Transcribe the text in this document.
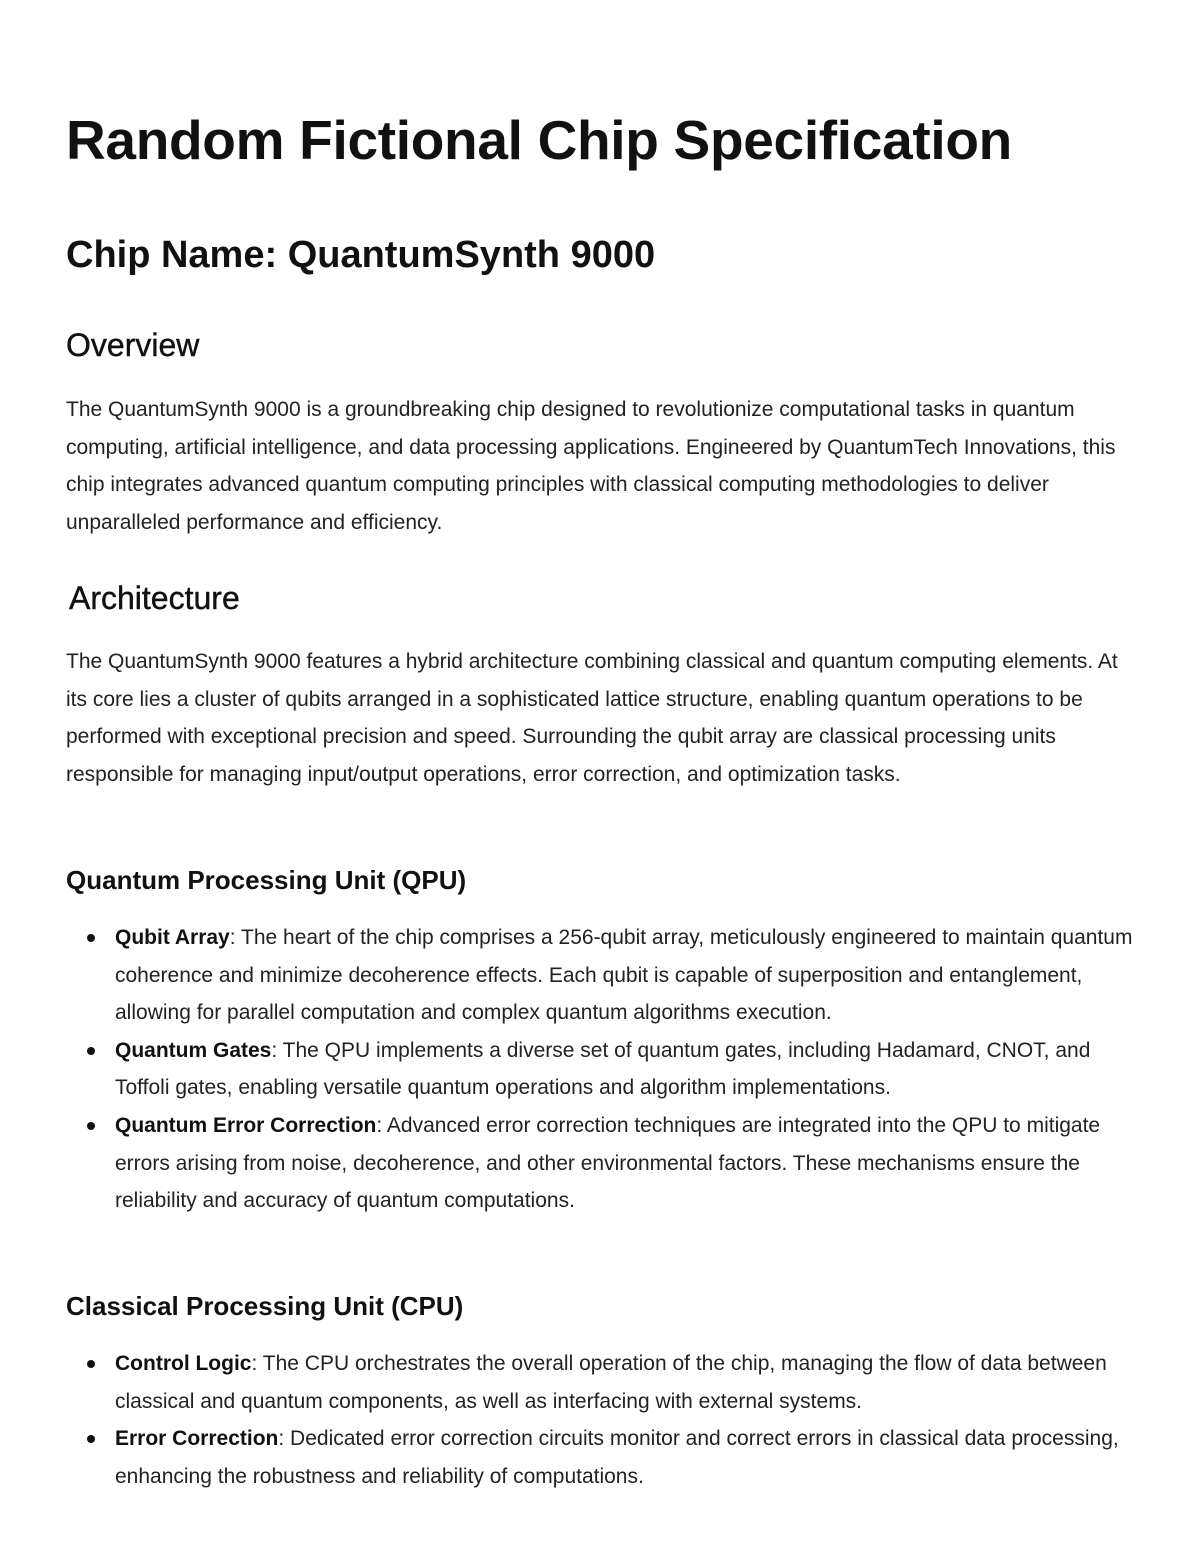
Random Fictional Chip Specification
Chip Name: QuantumSynth 9000
Overview

The QuantumSynth 9000 is a groundbreaking chip designed to revolutionize computational tasks in quantum computing, artificial intelligence, and data processing applications. Engineered by QuantumTech Innovations, this chip integrates advanced quantum computing principles with classical computing methodologies to deliver unparalleled performance and efficiency.

Architecture

The QuantumSynth 9000 features a hybrid architecture combining classical and quantum computing elements. At its core lies a cluster of qubits arranged in a sophisticated lattice structure, enabling quantum operations to be performed with exceptional precision and speed. Surrounding the qubit array are classical processing units responsible for managing input/output operations, error correction, and optimization tasks.

Quantum Processing Unit (QPU)
Qubit Array: The heart of the chip comprises a 256-qubit array, meticulously engineered to maintain quantum coherence and minimize decoherence effects. Each qubit is capable of superposition and entanglement, allowing for parallel computation and complex quantum algorithms execution.
Quantum Gates: The QPU implements a diverse set of quantum gates, including Hadamard, CNOT, and Toffoli gates, enabling versatile quantum operations and algorithm implementations.
Quantum Error Correction: Advanced error correction techniques are integrated into the QPU to mitigate errors arising from noise, decoherence, and other environmental factors. These mechanisms ensure the reliability and accuracy of quantum computations.
Classical Processing Unit (CPU)
Control Logic: The CPU orchestrates the overall operation of the chip, managing the flow of data between classical and quantum components, as well as interfacing with external systems.
Error Correction: Dedicated error correction circuits monitor and correct errors in classical data processing, enhancing the robustness and reliability of computations.
